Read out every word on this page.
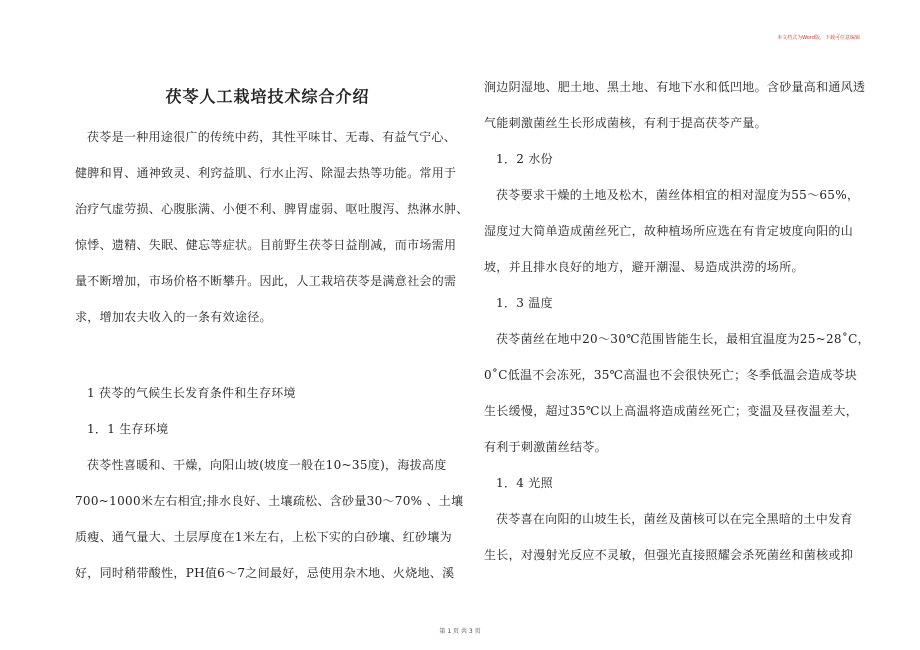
本文档式为Word版，下载可任意编辑
茯苓人工栽培技术综合介绍
茯苓是一种用途很广的传统中药，其性平味甘、无毒、有益气宁心、
健脾和胃、通神致灵、利窍益肌、行水止泻、除湿去热等功能。常用于
治疗气虚劳损、心腹胀满、小便不利、脾胃虚弱、呕吐腹泻、热淋水肿、
惊悸、遗精、失眠、健忘等症状。目前野生茯苓日益削减，而市场需用
量不断增加，市场价格不断攀升。因此，人工栽培茯苓是满意社会的需
求，增加农夫收入的一条有效途径。
1 茯苓的气候生长发育条件和生存环境
1．1 生存环境
茯苓性喜暖和、干燥，向阳山坡(坡度一般在10~35度)，海拔高度
700~1000米左右相宜;排水良好、土壤疏松、含砂量30～70% 、土壤
质瘦、通气量大、土层厚度在1米左右，上松下实的白砂壤、红砂壤为
好，同时稍带酸性，PH值6～7之间最好，忌使用杂木地、火烧地、溪
涧边阴湿地、肥土地、黑土地、有地下水和低凹地。含砂量高和通风透
气能刺激菌丝生长形成菌核，有利于提高茯苓产量。
1．2 水份
茯苓要求干燥的土地及松木，菌丝体相宜的相对湿度为55～65%，
湿度过大简单造成菌丝死亡，故种植场所应选在有肯定坡度向阳的山
坡，并且排水良好的地方，避开潮湿、易造成洪涝的场所。
1．3 温度
茯苓菌丝在地中20～30℃范围皆能生长，最相宜温度为25~28˚C，
0˚C低温不会冻死，35℃高温也不会很快死亡；冬季低温会造成苓块
生长缓慢，超过35℃以上高温将造成菌丝死亡；变温及昼夜温差大，
有利于刺激菌丝结苓。
1．4 光照
茯苓喜在向阳的山坡生长，菌丝及菌核可以在完全黑暗的土中发育
生长，对漫射光反应不灵敏，但强光直接照耀会杀死菌丝和菌核或抑
第 1 页 共 3 页
